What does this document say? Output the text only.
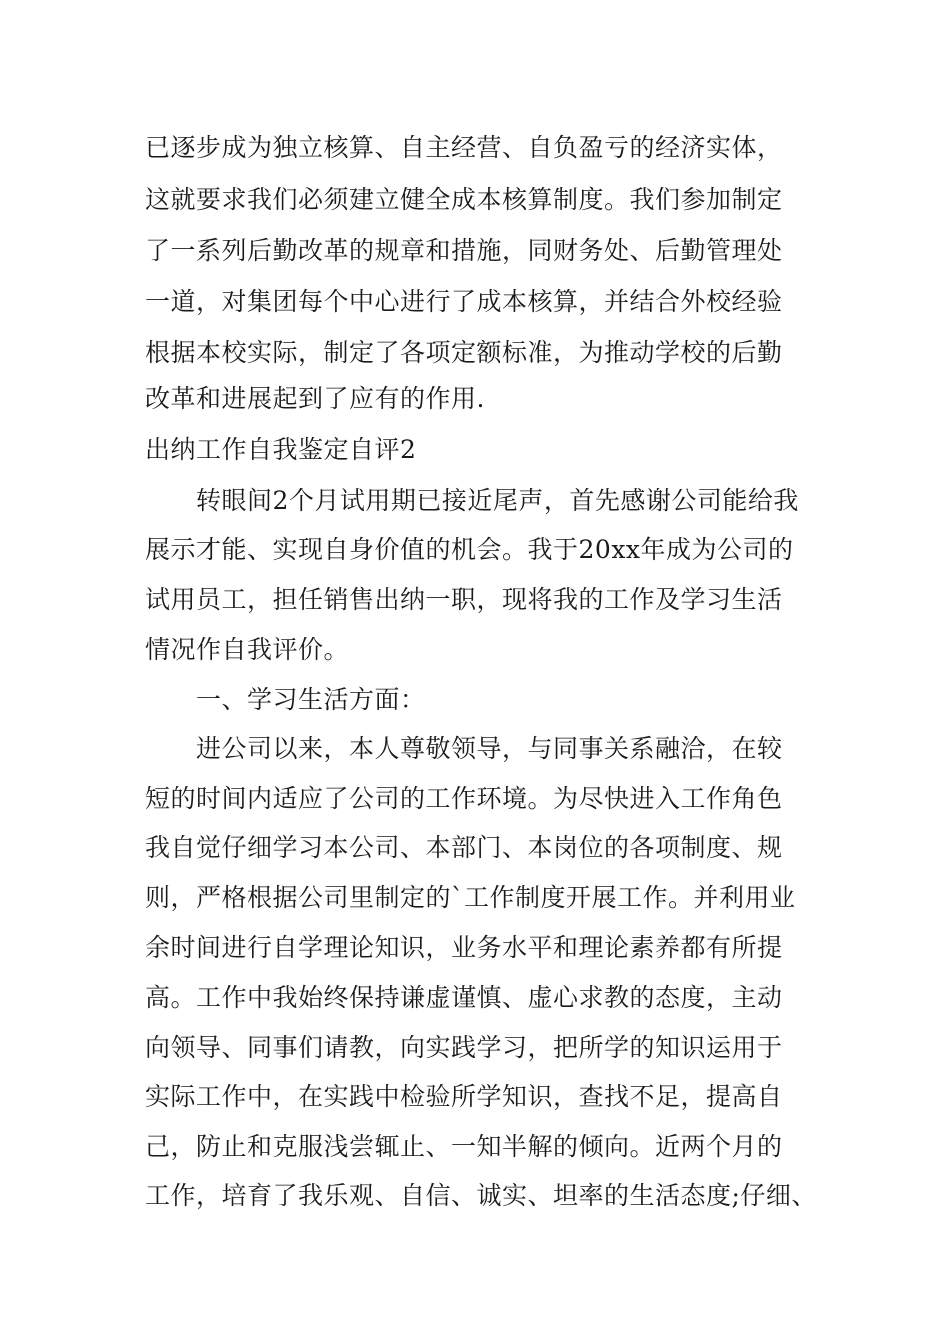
已逐步成为独立核算、自主经营、自负盈亏的经济实体，
这就要求我们必须建立健全成本核算制度。我们参加制定
了一系列后勤改革的规章和措施，同财务处、后勤管理处
一道，对集团每个中心进行了成本核算，并结合外校经验
根据本校实际，制定了各项定额标准，为推动学校的后勤
改革和进展起到了应有的作用.
出纳工作自我鉴定自评2
转眼间2个月试用期已接近尾声，首先感谢公司能给我
展示才能、实现自身价值的机会。我于20xx年成为公司的
试用员工，担任销售出纳一职，现将我的工作及学习生活
情况作自我评价。
一、学习生活方面：
进公司以来，本人尊敬领导，与同事关系融洽，在较
短的时间内适应了公司的工作环境。为尽快进入工作角色
我自觉仔细学习本公司、本部门、本岗位的各项制度、规
则，严格根据公司里制定的`工作制度开展工作。并利用业
余时间进行自学理论知识，业务水平和理论素养都有所提
高。工作中我始终保持谦虚谨慎、虚心求教的态度，主动
向领导、同事们请教，向实践学习，把所学的知识运用于
实际工作中，在实践中检验所学知识，查找不足，提高自
己，防止和克服浅尝辄止、一知半解的倾向。近两个月的
工作，培育了我乐观、自信、诚实、坦率的生活态度;仔细、
